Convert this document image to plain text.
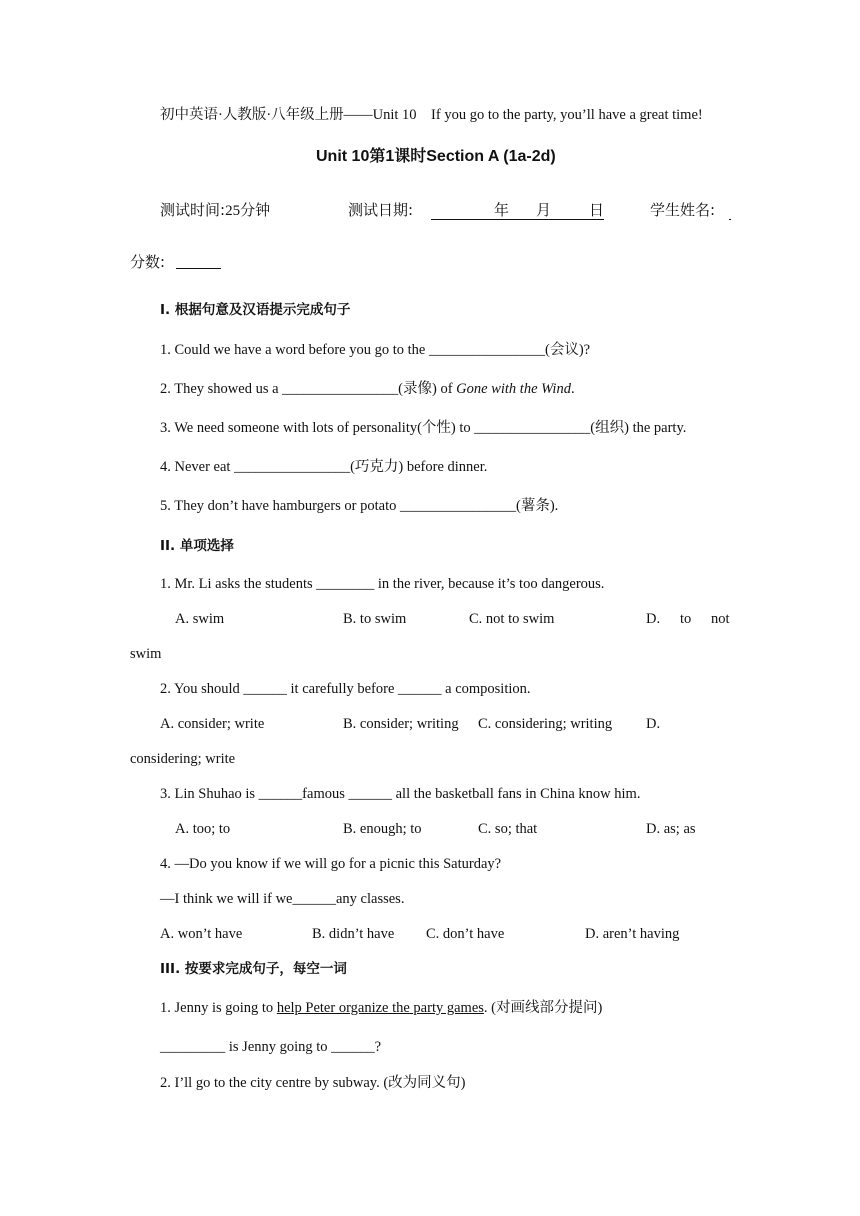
初中英语·人教版·八年级上册——Unit 10　If you go to the party, you’ll have a great time!
Unit 10第1课时Section A (1a-2d)
测试时间:25分钟	测试日期:	年 月	日	学生姓名:
分数:
I. 根据句意及汉语提示完成句子
1. Could we have a word before you go to the ________________(会议)?
2. They showed us a ________________(录像) of Gone with the Wind.
3. We need someone with lots of personality(个性) to ________________(组织) the party.
4. Never eat ________________(巧克力) before dinner.
5. They don’t have hamburgers or potato ________________(薯条).
II. 单项选择
1. Mr. Li asks the students ________ in the river, because it’s too dangerous.
A. swim	B. to swim	C. not to swim	D. to not
swim
2. You should ______ it carefully before ______ a composition.
A. consider; write	B. consider; writing C. considering; writing D.
considering; write
3. Lin Shuhao is ______famous ______ all the basketball fans in China know him.
A. too; to	B. enough; to	C. so; that	D. as; as
4. —Do you know if we will go for a picnic this Saturday?
—I think we will if we______any classes.
A. won’t have	B. didn’t have C. don’t have	D. aren’t having
III. 按要求完成句子，每空一词
1. Jenny is going to help Peter organize the party games. (对画线部分提问)
_________ is Jenny going to ______?
2. I’ll go to the city centre by subway. (改为同义句)
